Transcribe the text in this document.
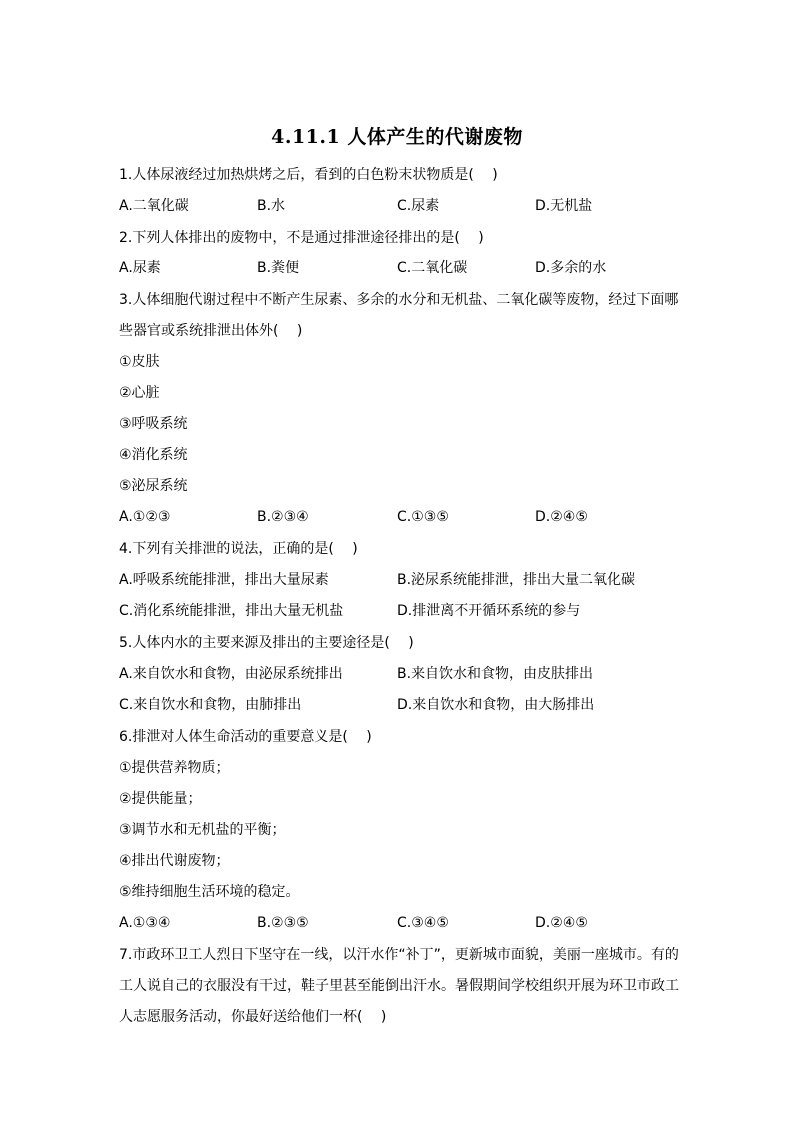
4.11.1 人体产生的代谢废物
1.人体尿液经过加热烘烤之后，看到的白色粉末状物质是(　 )
A.二氧化碳	B.水	C.尿素	D.无机盐
2.下列人体排出的废物中，不是通过排泄途径排出的是(　 )
A.尿素	B.粪便	C.二氧化碳	D.多余的水
3.人体细胞代谢过程中不断产生尿素、多余的水分和无机盐、二氧化碳等废物，经过下面哪
些器官或系统排泄出体外(　 )
①皮肤
②心脏
③呼吸系统
④消化系统
⑤泌尿系统
A.①②③	B.②③④	C.①③⑤	D.②④⑤
4.下列有关排泄的说法，正确的是(　 )
A.呼吸系统能排泄，排出大量尿素	B.泌尿系统能排泄，排出大量二氧化碳
C.消化系统能排泄，排出大量无机盐	D.排泄离不开循环系统的参与
5.人体内水的主要来源及排出的主要途径是(　 )
A.来自饮水和食物，由泌尿系统排出	B.来自饮水和食物，由皮肤排出
C.来自饮水和食物，由肺排出	D.来自饮水和食物，由大肠排出
6.排泄对人体生命活动的重要意义是(　 )
①提供营养物质；
②提供能量；
③调节水和无机盐的平衡；
④排出代谢废物；
⑤维持细胞生活环境的稳定。
A.①③④	B.②③⑤	C.③④⑤	D.②④⑤
7.市政环卫工人烈日下坚守在一线，以汗水作“补丁”，更新城市面貌，美丽一座城市。有的
工人说自己的衣服没有干过，鞋子里甚至能倒出汗水。暑假期间学校组织开展为环卫市政工
人志愿服务活动，你最好送给他们一杯(　 )
